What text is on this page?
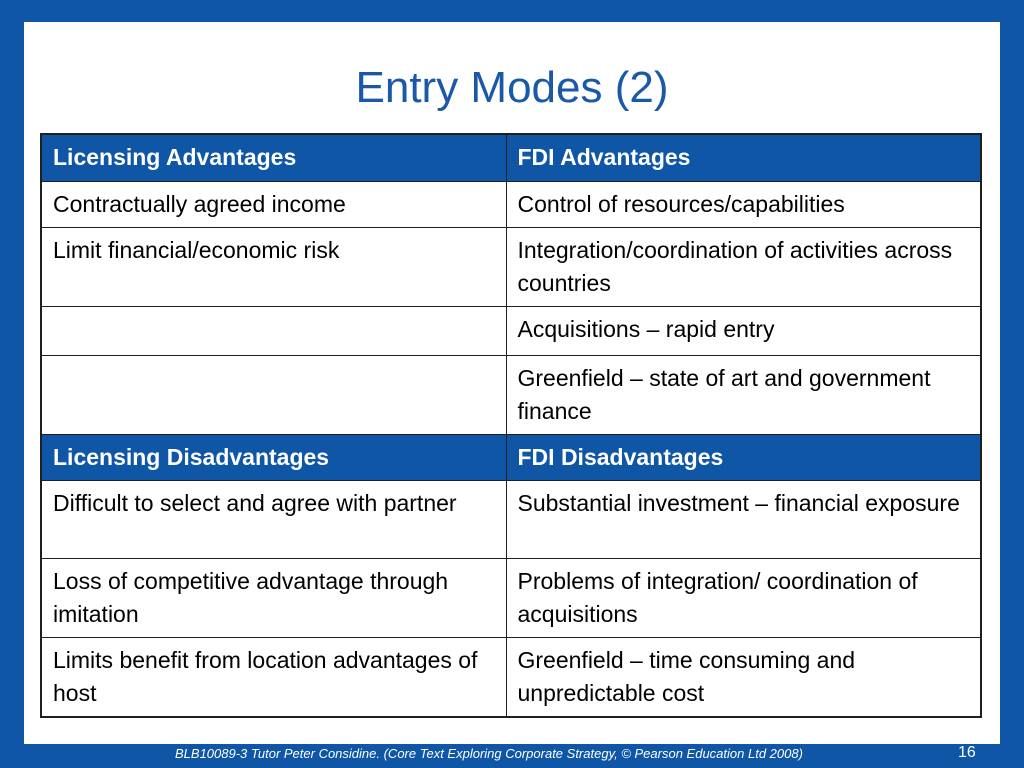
Entry Modes (2)
Licensing Advantages	FDI Advantages
Contractually agreed income	Control of resources/capabilities
Limit financial/economic risk	Integration/coordination of activities across countries
	Acquisitions – rapid entry
	Greenfield – state of art and government finance
Licensing Disadvantages	FDI Disadvantages
Difficult to select and agree with partner	Substantial investment – financial exposure
Loss of competitive advantage through imitation	Problems of integration/ coordination of acquisitions
Limits benefit from location advantages of host	Greenfield – time consuming and unpredictable cost
BLB10089-3 Tutor Peter Considine. (Core Text Exploring Corporate Strategy, © Pearson Education Ltd 2008)	16
